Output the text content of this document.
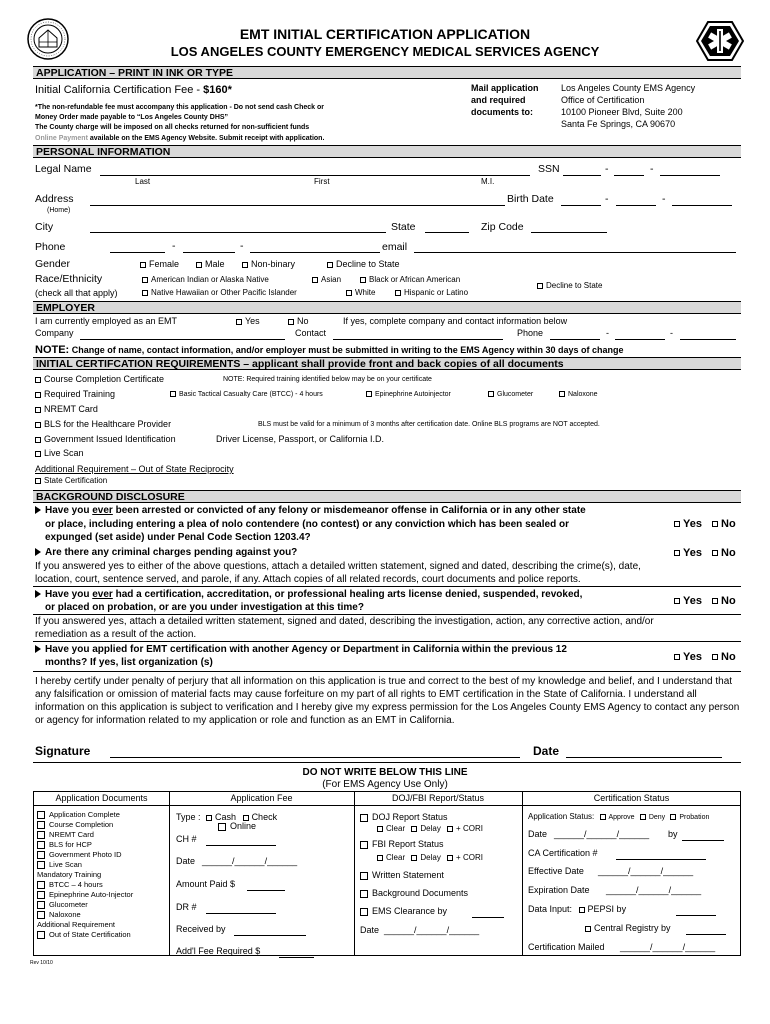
EMT INITIAL CERTIFICATION APPLICATION
LOS ANGELES COUNTY EMERGENCY MEDICAL SERVICES AGENCY
APPLICATION – PRINT IN INK OR TYPE
Initial California Certification Fee - $160*
*The non-refundable fee must accompany this application - Do not send cash Check or
Money Order made payable to “Los Angeles County DHS”
The County charge will be imposed on all checks returned for non-sufficient funds
Online Payment available on the EMS Agency Website. Submit receipt with application.
Mail application
and required
documents to:
Los Angeles County EMS Agency
Office of Certification
10100 Pioneer Blvd, Suite 200
Santa Fe Springs, CA 90670
PERSONAL INFORMATION
Legal Name	SSN	-	-
Last	First	M.I.
Address
(Home)
Birth Date	-	-
City	State	Zip Code
Phone	-	-	email
Gender	Female	Male	Non-binary	Decline to State
Race/Ethnicity
(check all that apply)
American Indian or Alaska Native	Asian	Black or African American
Native Hawaiian or Other Pacific Islander	White	Hispanic or Latino
Decline to State
EMPLOYER
I am currently employed as an EMT	Yes	No	If yes, complete company and contact information below
Company	Contact	Phone	-	-
NOTE: Change of name, contact information, and/or employer must be submitted in writing to the EMS Agency within 30 days of change
INITIAL CERTIFCATION REQUIREMENTS – applicant shall provide front and back copies of all documents
Course Completion Certificate	NOTE: Required training identified below may be on your certificate
Required Training	Basic Tactical Casualty Care (BTCC) - 4 hours	Epinephrine Autoinjector	Glucometer	Naloxone
NREMT Card
BLS for the Healthcare Provider	BLS must be valid for a minimum of 3 months after certification date. Online BLS programs are NOT accepted.
Government Issued Identification	Driver License, Passport, or California I.D.
Live Scan
Additional Requirement – Out of State Reciprocity
State Certification
BACKGROUND DISCLOSURE
Have you ever been arrested or convicted of any felony or misdemeanor offense in California or in any other state
or place, including entering a plea of nolo contendere (no contest) or any conviction which has been sealed or
expunged (set aside) under Penal Code Section 1203.4?
Yes	No
Are there any criminal charges pending against you?	Yes	No
If you answered yes to either of the above questions, attach a detailed written statement, signed and dated, describing the crime(s), date,
location, court, sentence served, and parole, if any. Attach copies of all related records, court documents and police reports.
Have you ever had a certification, accreditation, or professional healing arts license denied, suspended, revoked,
or placed on probation, or are you under investigation at this time?
Yes	No
If you answered yes, attach a detailed written statement, signed and dated, describing the investigation, action, any corrective action, and/or
remediation as a result of the action.
Have you applied for EMT certification with another Agency or Department in California within the previous 12
months? If yes, list organization (s)	Yes	No
I hereby certify under penalty of perjury that all information on this application is true and correct to the best of my knowledge and belief, and I understand that any falsification or omission of material facts may cause forfeiture on my part of all rights to EMT certification in the State of California. I understand all information on this application is subject to verification and I hereby give my express permission for the Los Angeles County EMS Agency to contact any person or agency for information related to my application or role and function as an EMT in California.
Signature	Date
DO NOT WRITE BELOW THIS LINE
(For EMS Agency Use Only)
Application Documents	Application Fee	DOJ/FBI Report/Status	Certification Status
Application Complete
Course Completion
NREMT Card
BLS for HCP
Government Photo ID
Live Scan
Mandatory Training
BTCC – 4 hours
Epinephrine Auto-Injector
Glucometer
Naloxone
Additional Requirement
Out of State Certification
Type : Cash Check
Online
CH #
Date ______/______/______
Amount Paid $
DR #
Received by
Add'l Fee Required $
DOJ Report Status
Clear Delay + CORI
FBI Report Status
Clear Delay + CORI
Written Statement
Background Documents
EMS Clearance by
Date ______/______/______
Application Status: Approve Deny Probation
Date ______/______/______ by
CA Certification #
Effective Date ______/______/______
Expiration Date ______/______/______
Data Input: PEPSI by
Central Registry by
Certification Mailed ______/______/______
Rev 10/10
